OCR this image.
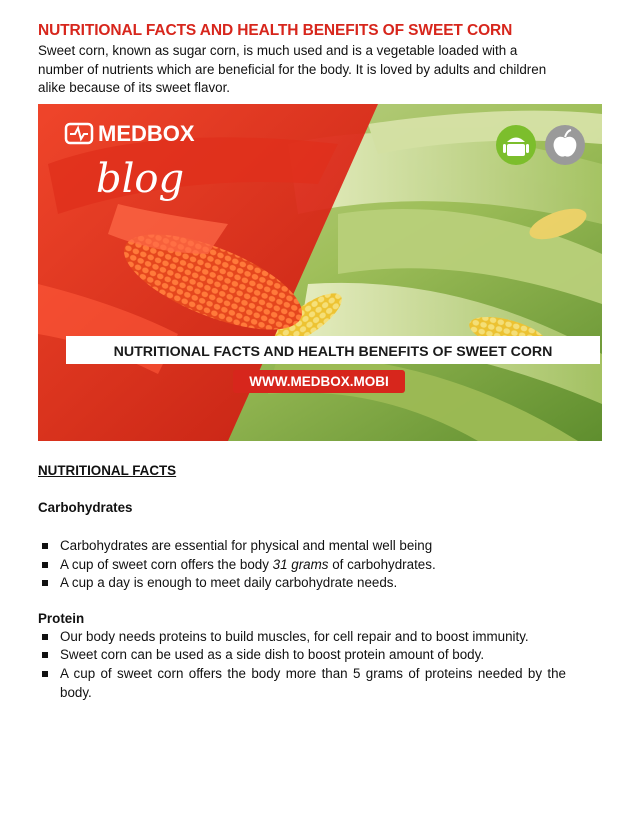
NUTRITIONAL FACTS AND HEALTH BENEFITS OF SWEET CORN

Sweet corn, known as sugar corn, is much used and is a vegetable loaded with a number of nutrients which are beneficial for the body. It is loved by adults and children alike because of its sweet flavor.

MEDBOX
blog
NUTRITIONAL FACTS AND HEALTH BENEFITS OF SWEET CORN
WWW.MEDBOX.MOBI

NUTRITIONAL FACTS

Carbohydrates

Carbohydrates are essential for physical and mental well being
A cup of sweet corn offers the body 31 grams of carbohydrates.
A cup a day is enough to meet daily carbohydrate needs.

Protein

Our body needs proteins to build muscles, for cell repair and to boost immunity.
Sweet corn can be used as a side dish to boost protein amount of body.
A cup of sweet corn offers the body more than 5 grams of proteins needed by the body.
